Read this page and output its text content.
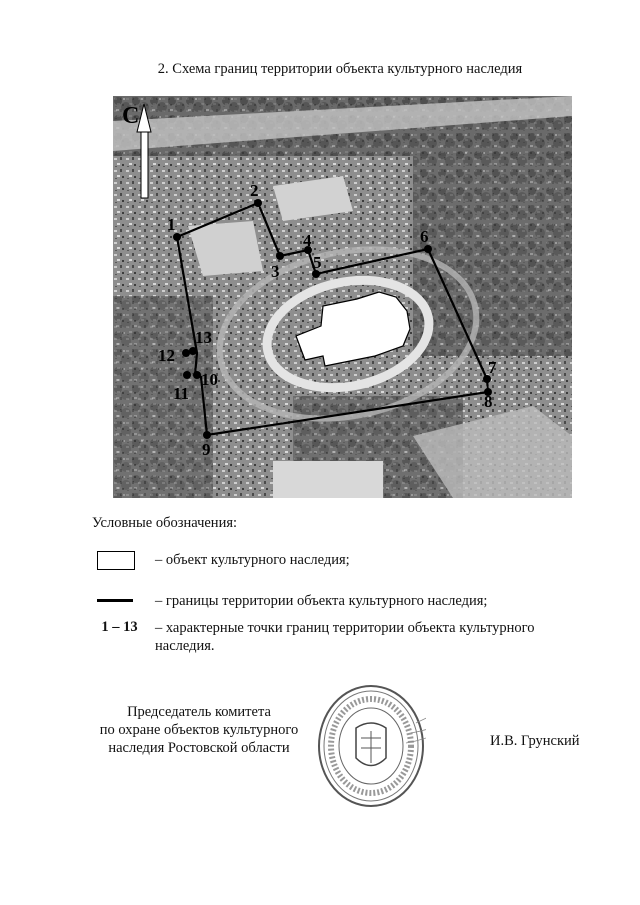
2. Схема границ территории объекта культурного наследия
С
1
2
3
4
5
6
7
8
9
10
11
12
13
Условные обозначения:
– объект культурного наследия;
– границы территории объекта культурного наследия;
1 – 13	– характерные точки границ территории объекта культурного
наследия.
Председатель комитета
по охране объектов культурного
наследия Ростовской области	И.В. Грунский
